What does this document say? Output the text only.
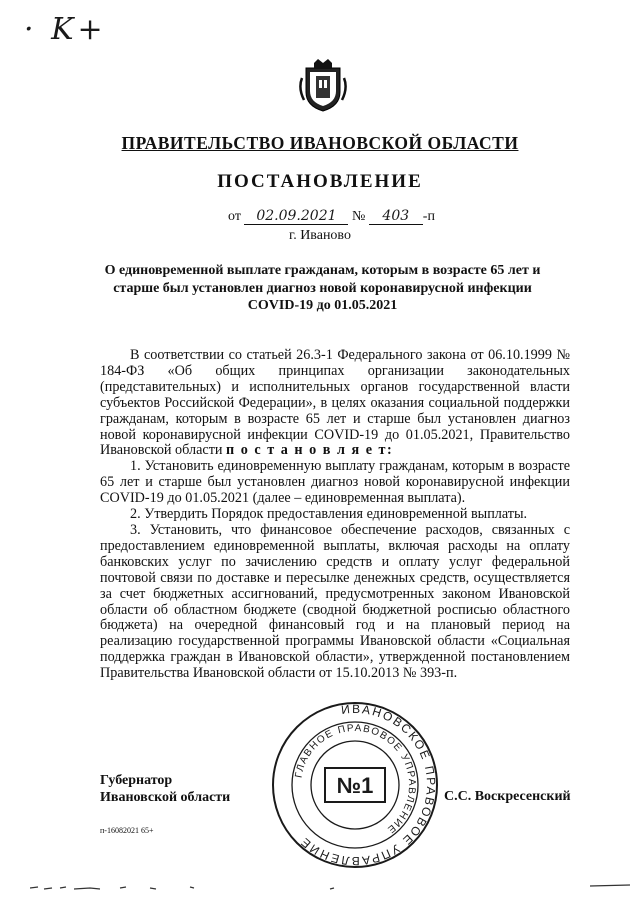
· K+
ПРАВИТЕЛЬСТВО ИВАНОВСКОЙ ОБЛАСТИ
ПОСТАНОВЛЕНИЕ
от 02.09.2021 № 403 -п
г. Иваново
О единовременной выплате гражданам, которым в возрасте 65 лет и старше был установлен диагноз новой коронавирусной инфекции COVID-19 до 01.05.2021

В соответствии со статьей 26.3-1 Федерального закона от 06.10.1999 № 184-ФЗ «Об общих принципах организации законодательных (представительных) и исполнительных органов государственной власти субъектов Российской Федерации», в целях оказания социальной поддержки гражданам, которым в возрасте 65 лет и старше был установлен диагноз новой коронавирусной инфекции COVID-19 до 01.05.2021, Правительство Ивановской области п о с т а н о в л я е т:

1. Установить единовременную выплату гражданам, которым в возрасте 65 лет и старше был установлен диагноз новой коронавирусной инфекции COVID-19 до 01.05.2021 (далее – единовременная выплата).

2. Утвердить Порядок предоставления единовременной выплаты.

3. Установить, что финансовое обеспечение расходов, связанных с предоставлением единовременной выплаты, включая расходы на оплату банковских услуг по зачислению средств и оплату услуг федеральной почтовой связи по доставке и пересылке денежных средств, осуществляется за счет бюджетных ассигнований, предусмотренных законом Ивановской области об областном бюджете (сводной бюджетной росписью областного бюджета) на очередной финансовый год и на плановый период на реализацию государственной программы Ивановской области «Социальная поддержка граждан в Ивановской области», утвержденной постановлением Правительства Ивановской области от 15.10.2013 № 393-п.

Губернатор
Ивановской области	С.С. Воскресенский
ИВАНОВСКОЕ ПРАВОВОЕ УПРАВЛЕНИЕ
ГЛАВНОЕ ПРАВОВОЕ УПРАВЛЕНИЕ
№1
п-16082021 65+
